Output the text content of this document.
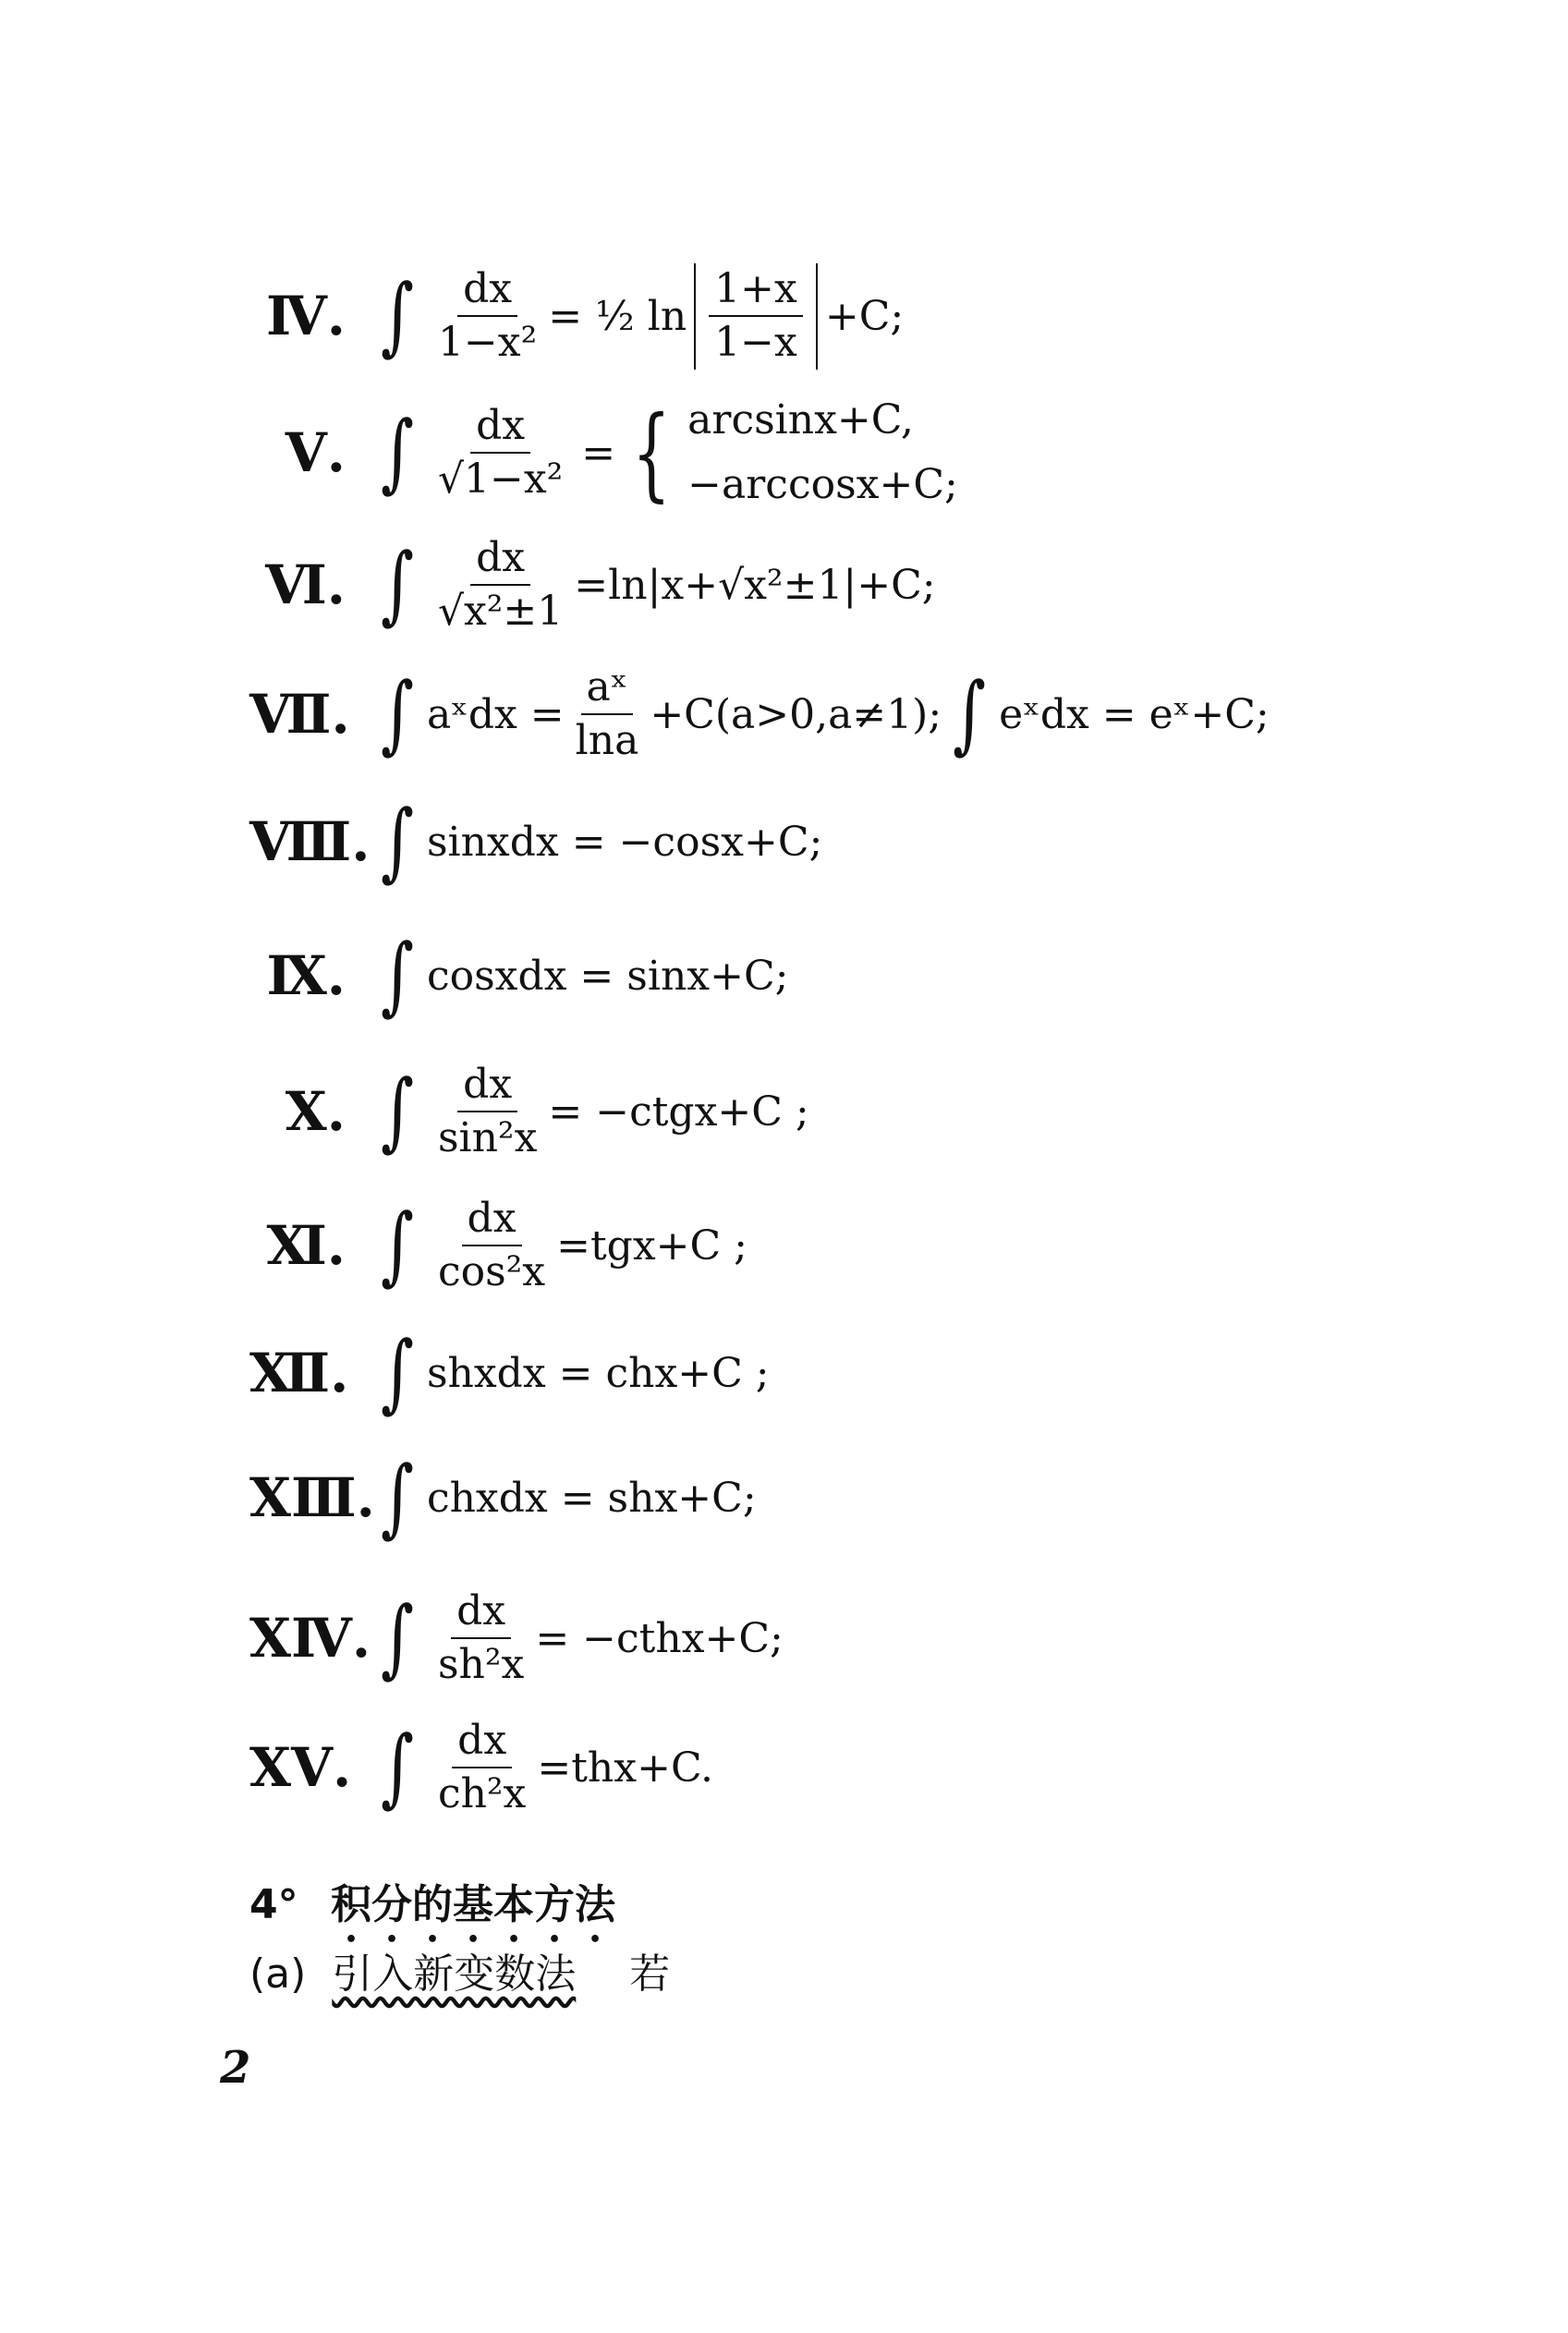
Ⅳ. ∫ $\frac{dx}{\text{1−x²}}$ = ½ $\ln \frac{1+x}{1-x} +C$;
Ⅴ. ∫ $\frac{dx}{\text{√1−x²}}$ = { arcsinx+C,
−arccosx+C;
Ⅵ. ∫ $\frac{dx}{\text{√x²±1}} =\ln|x+√x^2\pm 1|+C$;
Ⅶ. ∫ aˣdx = $\frac{\text{aˣ}}{\ln a} +C(a>0,a\ne 1)$; ∫ eˣdx = eˣ+C;
Ⅷ. ∫ sinxdx = −cosx+C;
Ⅸ. ∫ cosxdx = sinx+C;
Ⅹ. ∫ $\frac{dx}{\text{sin²x}}$ = −ctgx+C ;
Ⅺ. ∫ $\frac{dx}{\text{cos²x}} =tgx+C$ ;
Ⅻ. ∫ shxdx = chx+C ;
XⅢ. ∫ chxdx = shx+C;
XⅣ. ∫ $\frac{dx}{\text{sh²x}}$ = −cthx+C;
XⅤ. ∫ $\frac{dx}{\text{ch²x}} =thx+C$.
4° 积分的基本方法
(a) 引入新变数法 若
2
